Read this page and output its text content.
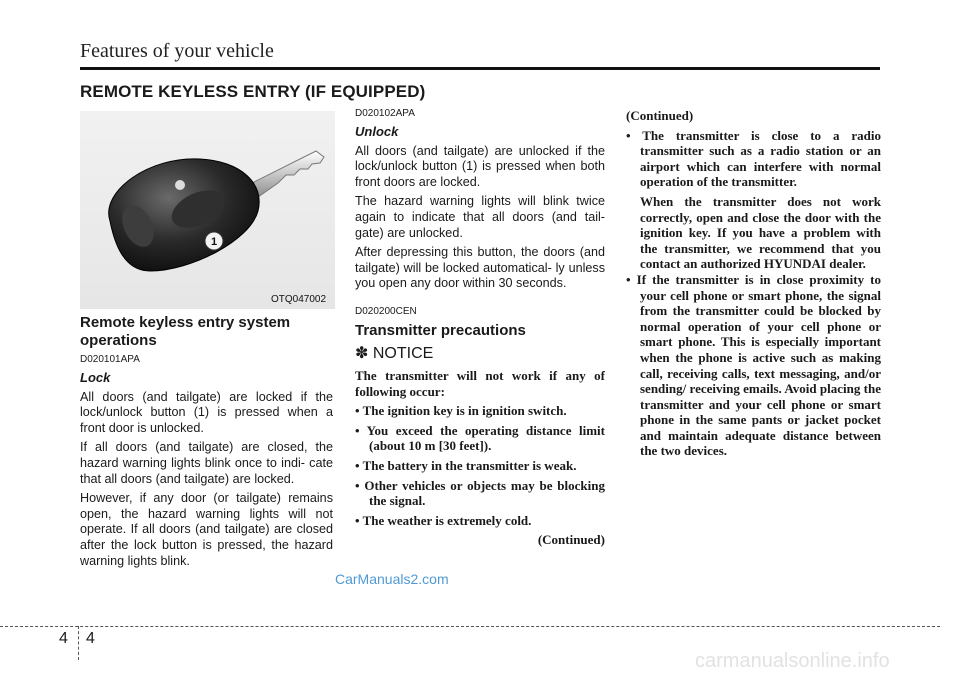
Features of your vehicle
REMOTE KEYLESS ENTRY (IF EQUIPPED)
1
OTQ047002

Remote keyless entry system operations

D020101APA

Lock

All doors (and tailgate) are locked if the lock/unlock button (1) is pressed when a front door is unlocked.

If all doors (and tailgate) are closed, the hazard warning lights blink once to indi- cate that all doors (and tailgate) are locked.

However, if any door (or tailgate) remains open, the hazard warning lights will not operate. If all doors (and tailgate) are closed after the lock button is pressed, the hazard warning lights blink.

D020102APA

Unlock

All doors (and tailgate) are unlocked if the lock/unlock button (1) is pressed when both front doors are locked.

The hazard warning lights will blink twice again to indicate that all doors (and tail- gate) are unlocked.

After depressing this button, the doors (and tailgate) will be locked automatical- ly unless you open any door within 30 seconds.

D020200CEN

Transmitter precautions

✽ NOTICE

The transmitter will not work if any of following occur:

• The ignition key is in ignition switch.

• You exceed the operating distance limit (about 10 m [30 feet]).

• The battery in the transmitter is weak.

• Other vehicles or objects may be blocking the signal.

• The weather is extremely cold.

(Continued)

(Continued)

• The transmitter is close to a radio transmitter such as a radio station or an airport which can interfere with normal operation of the transmitter.

When the transmitter does not work correctly, open and close the door with the ignition key. If you have a problem with the transmitter, we recommend that you contact an authorized HYUNDAI dealer.

• If the transmitter is in close proximity to your cell phone or smart phone, the signal from the transmitter could be blocked by normal operation of your cell phone or smart phone. This is especially important when the phone is active such as making call, receiving calls, text messaging, and/or sending/ receiving emails. Avoid placing the transmitter and your cell phone or smart phone in the same pants or jacket pocket and maintain adequate distance between the two devices.

CarManuals2.com
4 4
carmanualsonline.info
